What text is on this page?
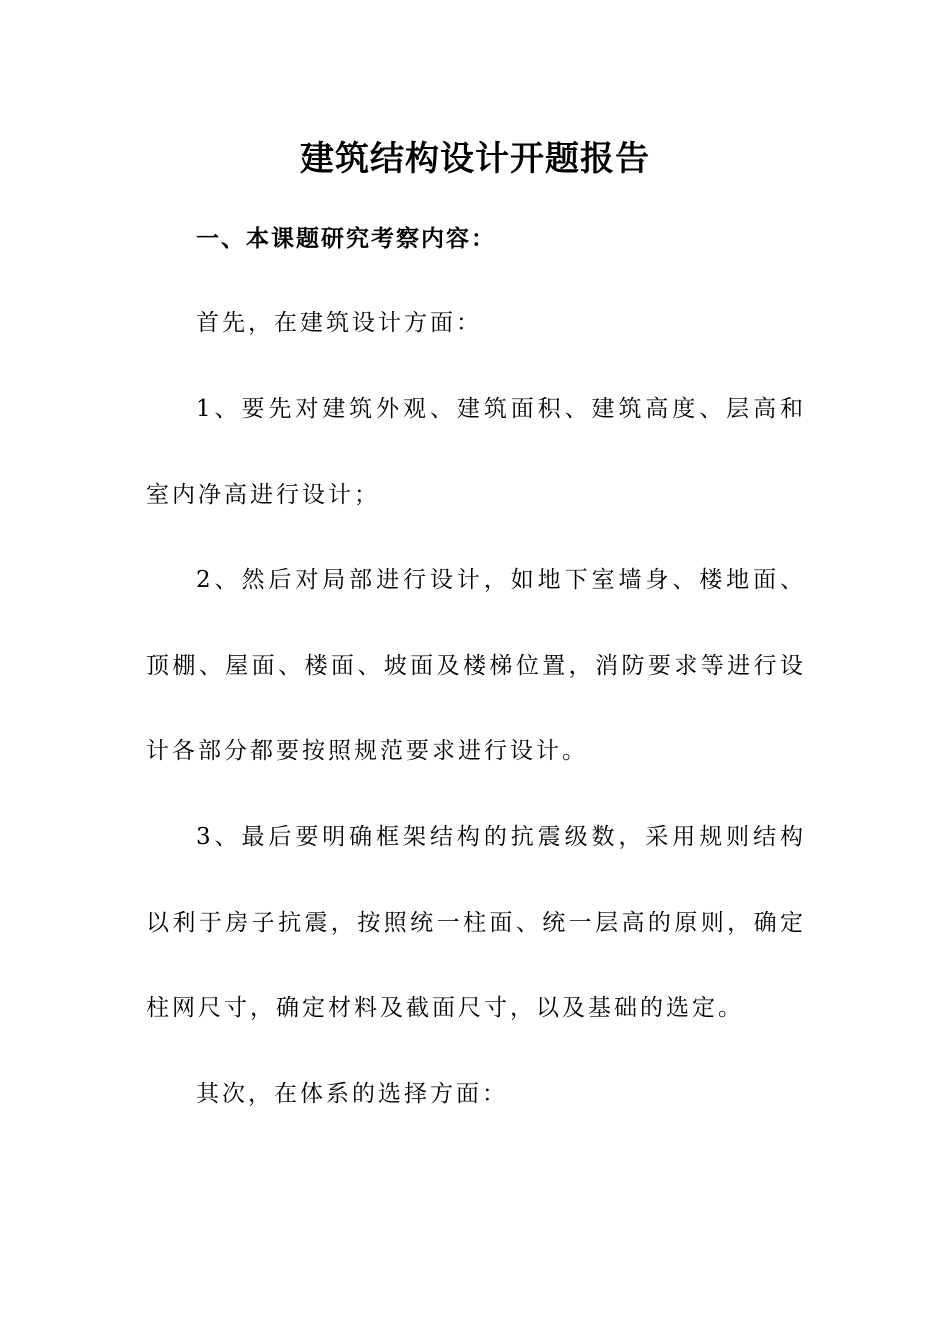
建筑结构设计开题报告
一、本课题研究考察内容：

首先，在建筑设计方面：

1、要先对建筑外观、建筑面积、建筑高度、层高和室内净高进行设计；

2、然后对局部进行设计，如地下室墙身、楼地面、顶棚、屋面、楼面、坡面及楼梯位置，消防要求等进行设计各部分都要按照规范要求进行设计。

3、最后要明确框架结构的抗震级数，采用规则结构以利于房子抗震，按照统一柱面、统一层高的原则，确定柱网尺寸，确定材料及截面尺寸，以及基础的选定。

其次，在体系的选择方面：
